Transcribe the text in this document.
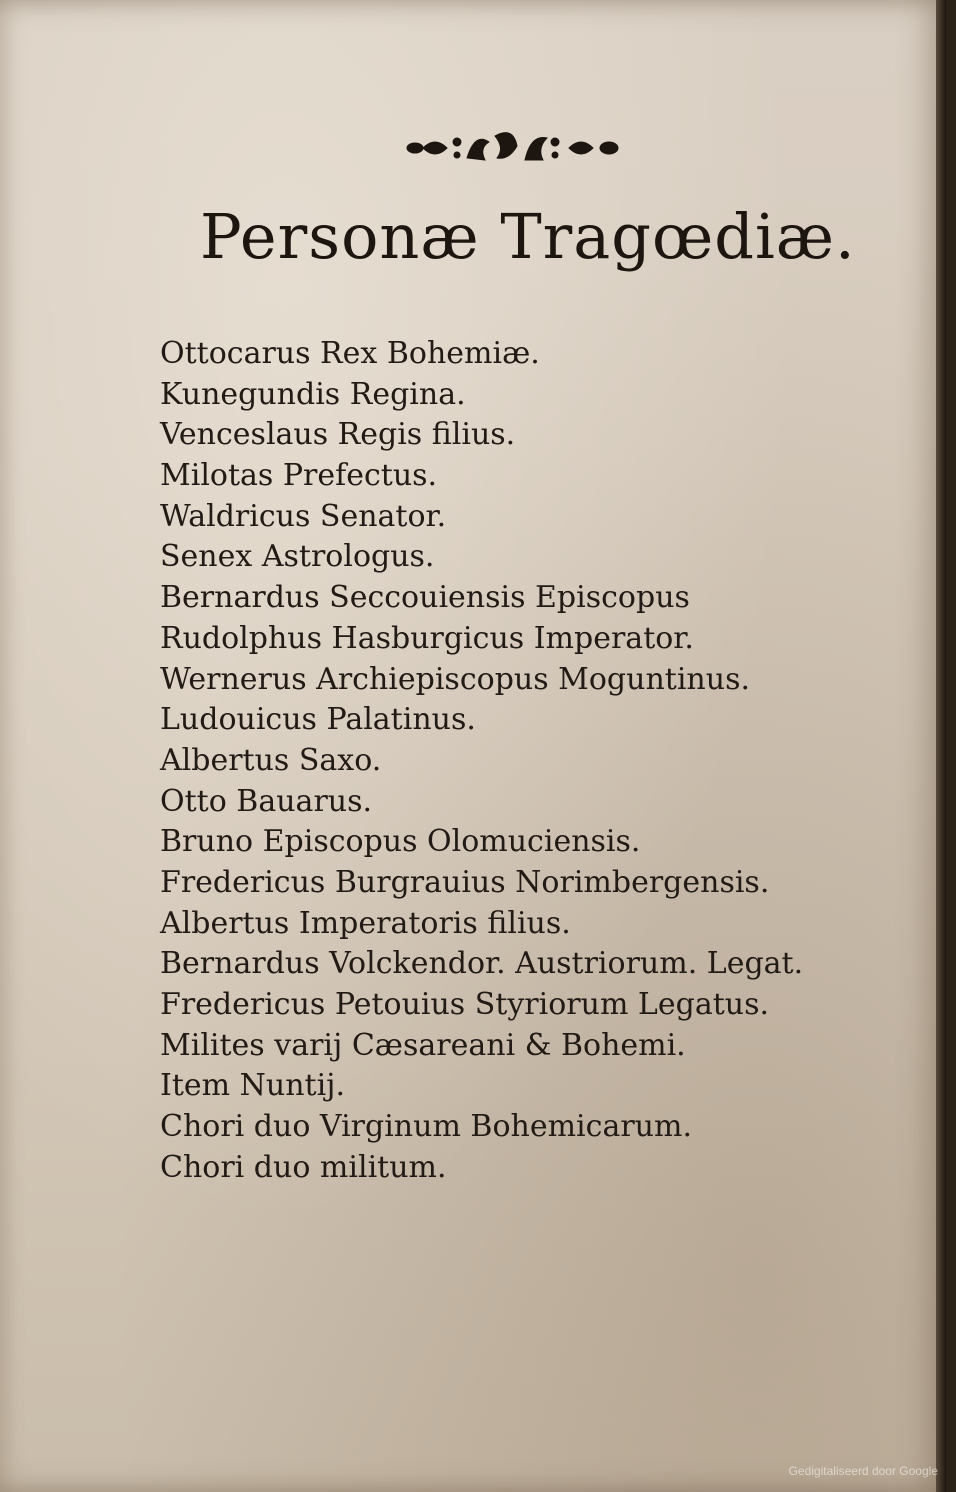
Personæ Tragœdiæ.
Ottocarus Rex Bohemiæ.
Kunegundis Regina.
Venceslaus Regis filius.
Milotas Prefectus.
Waldricus Senator.
Senex Astrologus.
Bernardus Seccouiensis Episcopus
Rudolphus Hasburgicus Imperator.
Wernerus Archiepiscopus Moguntinus.
Ludouicus Palatinus.
Albertus Saxo.
Otto Bauarus.
Bruno Episcopus Olomuciensis.
Fredericus Burgrauius Norimbergensis.
Albertus Imperatoris filius.
Bernardus Volckendor. Austriorum. Legat.
Fredericus Petouius Styriorum Legatus.
Milites varij Cæsareani & Bohemi.
Item Nuntij.
Chori duo Virginum Bohemicarum.
Chori duo militum.
Gedigitaliseerd door Google
